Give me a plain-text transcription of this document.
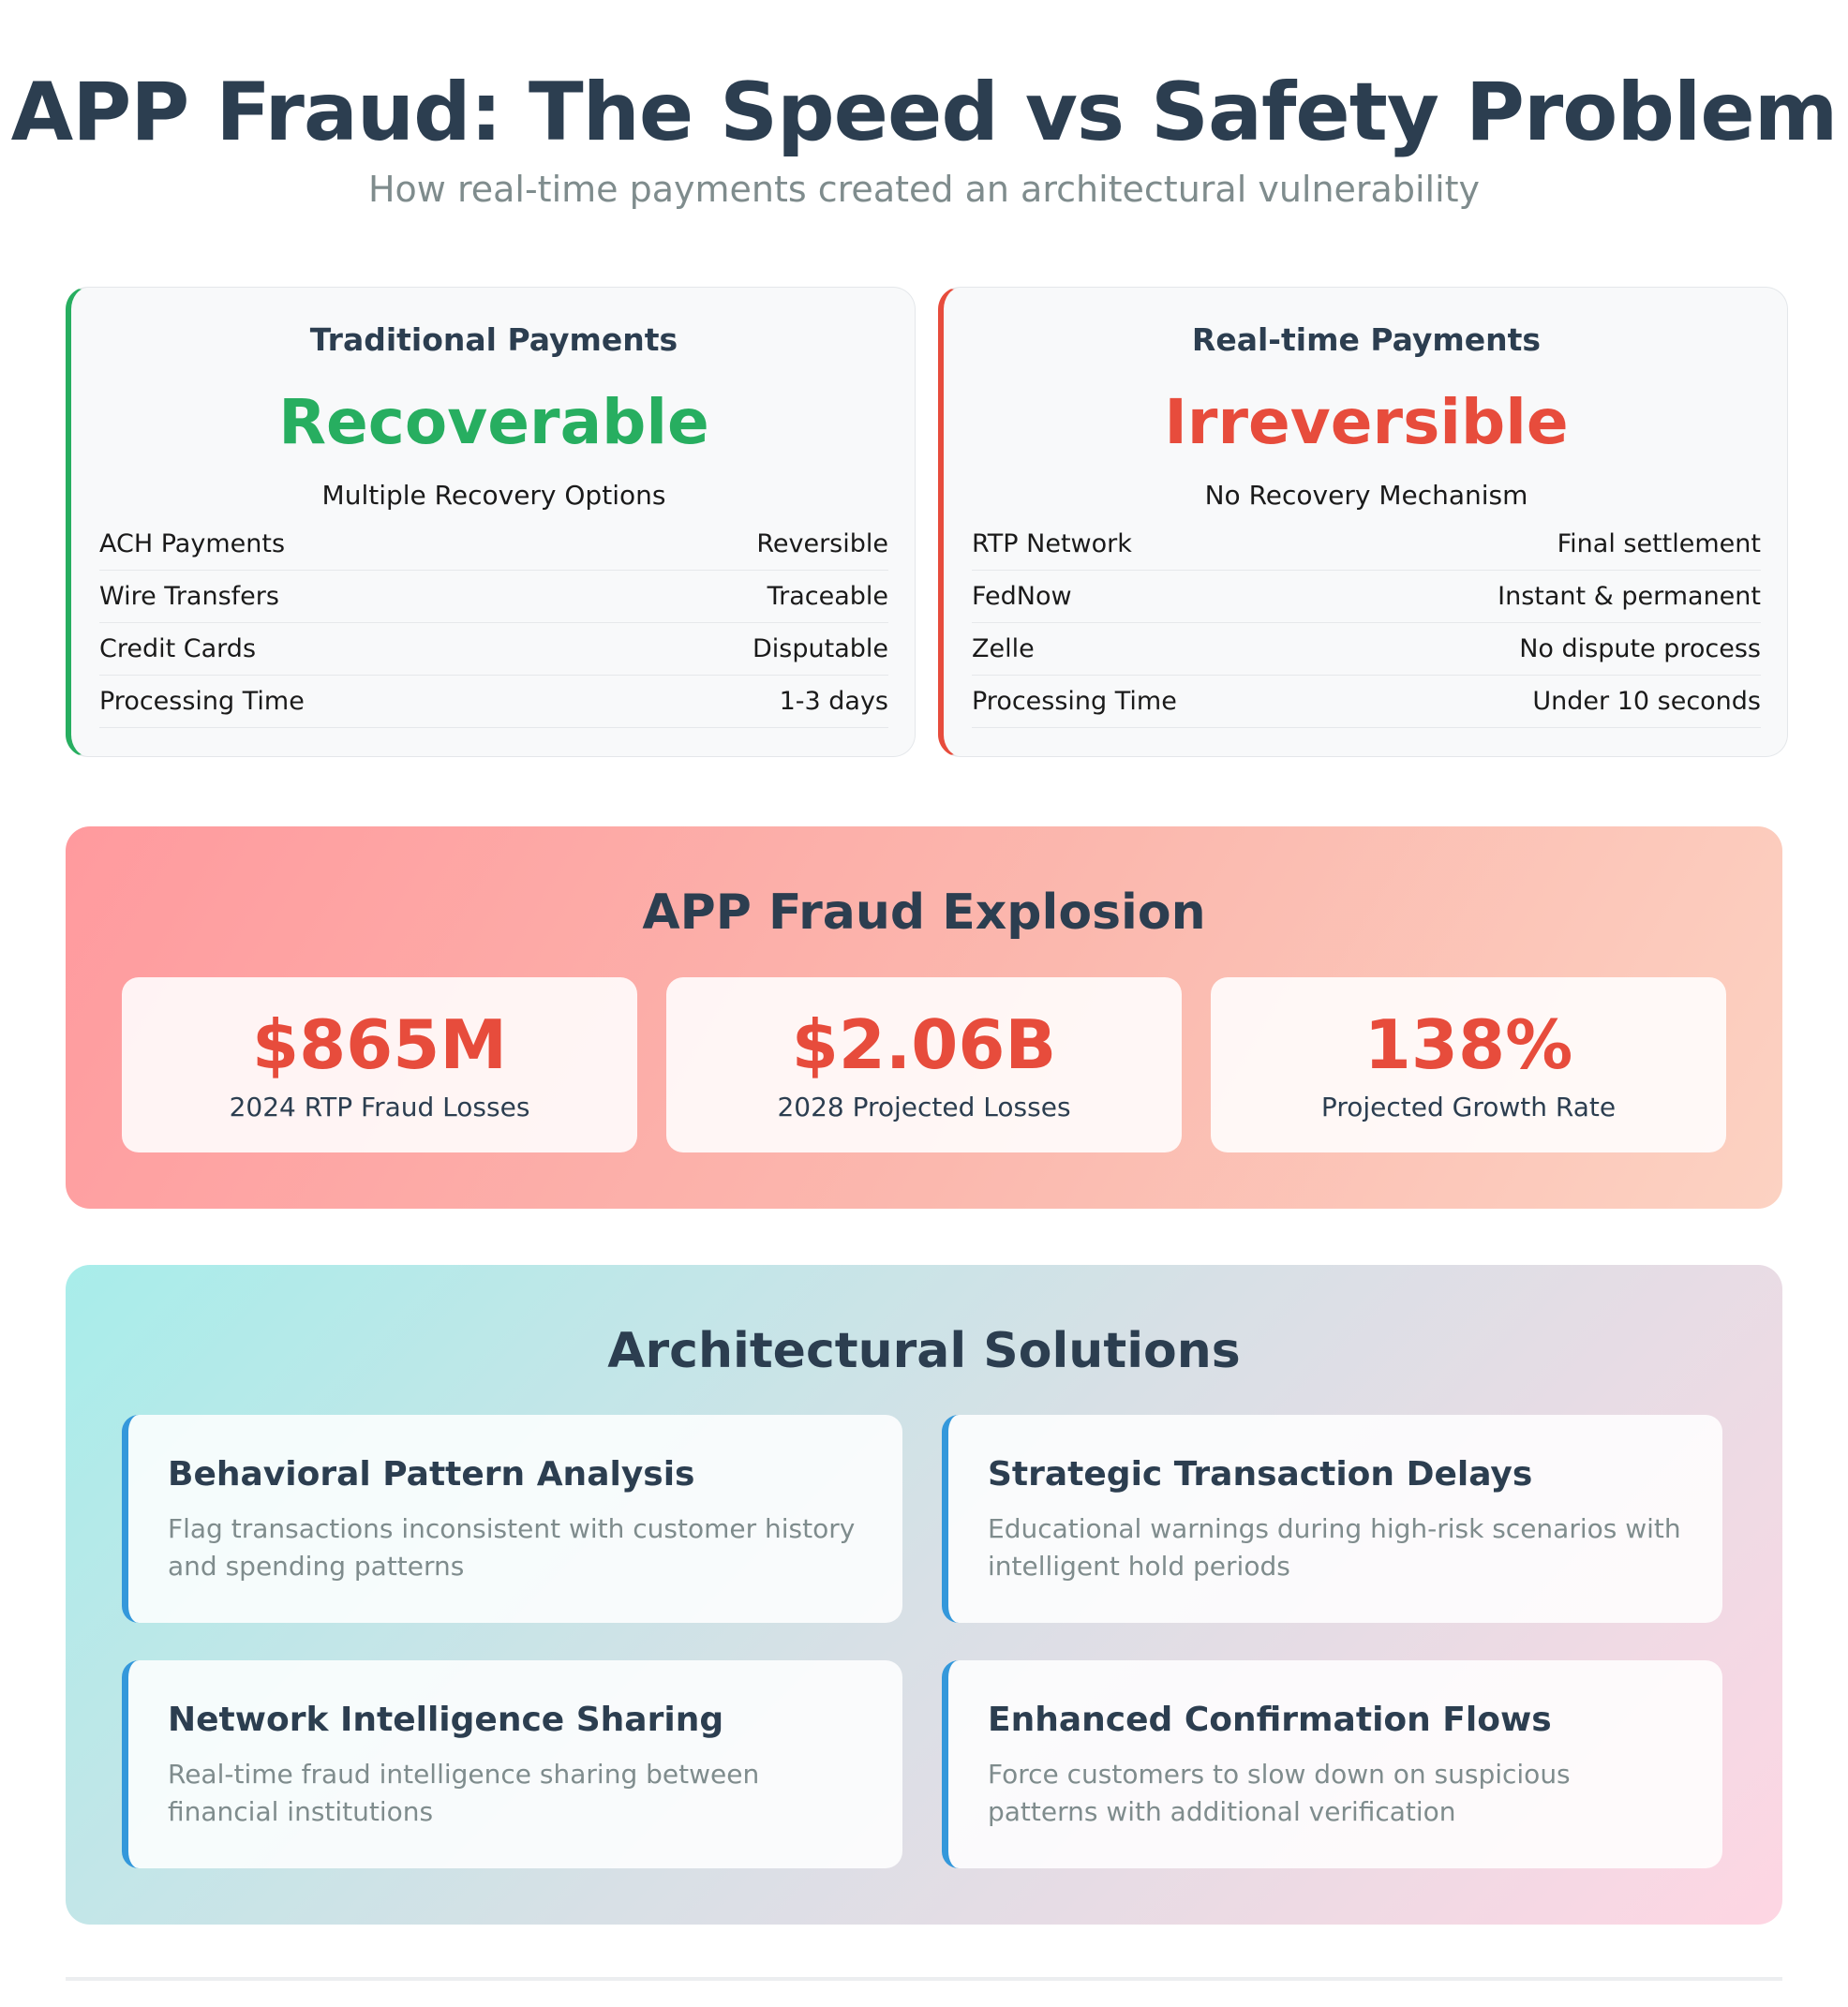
APP Fraud: The Speed vs Safety Problem
How real-time payments created an architectural vulnerability
Traditional Payments
Recoverable
Multiple Recovery Options
ACH Payments	Reversible
Wire Transfers	Traceable
Credit Cards	Disputable
Processing Time	1-3 days
Real-time Payments
Irreversible
No Recovery Mechanism
RTP Network	Final settlement
FedNow	Instant & permanent
Zelle	No dispute process
Processing Time	Under 10 seconds
APP Fraud Explosion
$865M
2024 RTP Fraud Losses
$2.06B
2028 Projected Losses
138%
Projected Growth Rate
Architectural Solutions
Behavioral Pattern Analysis
Flag transactions inconsistent with customer history and spending patterns
Strategic Transaction Delays
Educational warnings during high-risk scenarios with intelligent hold periods
Network Intelligence Sharing
Real-time fraud intelligence sharing between financial institutions
Enhanced Confirmation Flows
Force customers to slow down on suspicious patterns with additional verification
